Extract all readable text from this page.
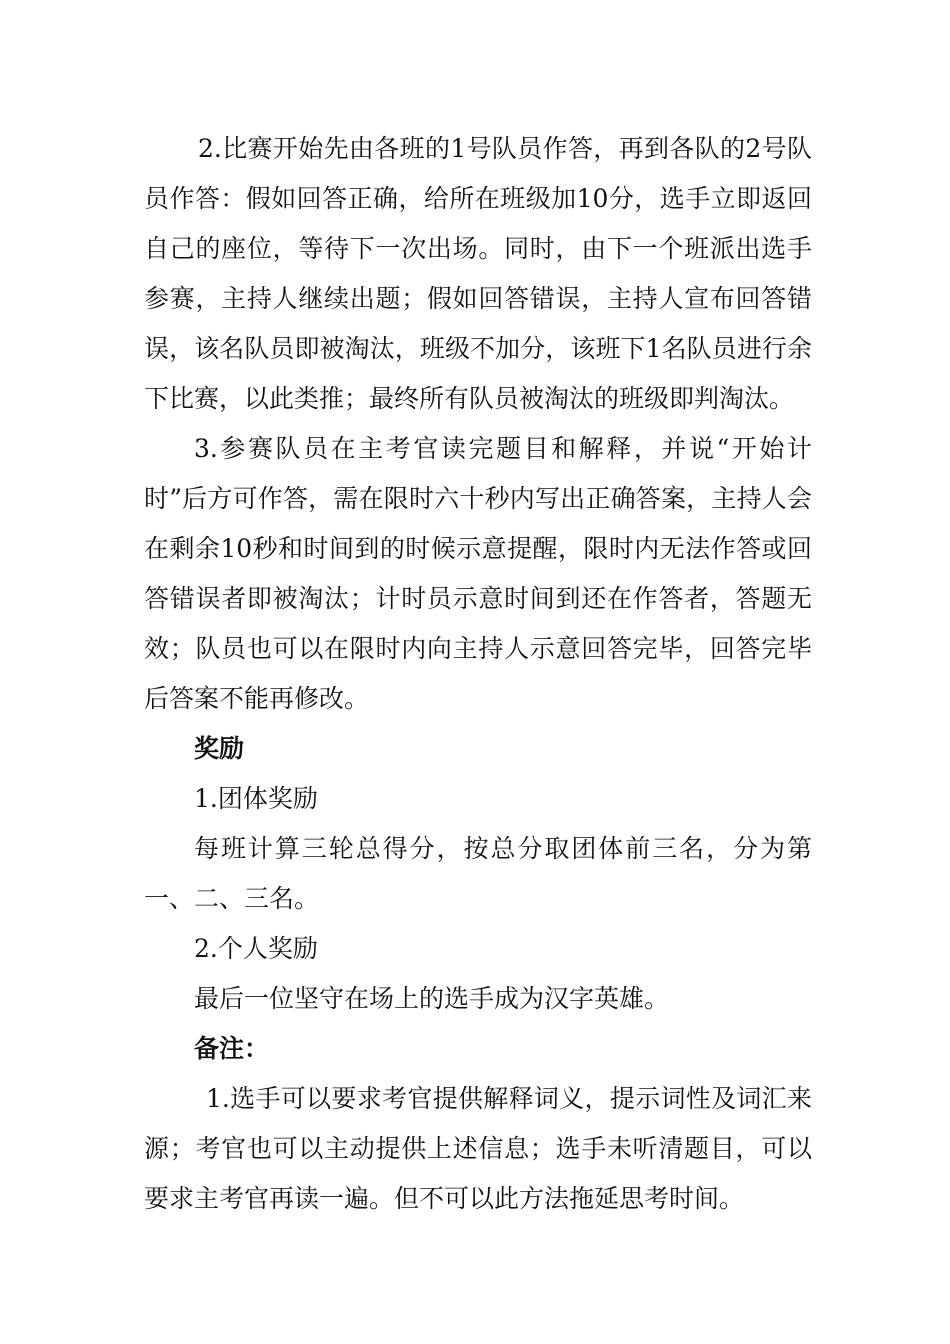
2.比赛开始先由各班的1号队员作答，再到各队的2号队员作答：假如回答正确，给所在班级加10分，选手立即返回自己的座位，等待下一次出场。同时，由下一个班派出选手参赛，主持人继续出题；假如回答错误，主持人宣布回答错误，该名队员即被淘汰，班级不加分，该班下1名队员进行余下比赛，以此类推；最终所有队员被淘汰的班级即判淘汰。

3.参赛队员在主考官读完题目和解释，并说“开始计时”后方可作答，需在限时六十秒内写出正确答案，主持人会在剩余10秒和时间到的时候示意提醒，限时内无法作答或回答错误者即被淘汰；计时员示意时间到还在作答者，答题无效；队员也可以在限时内向主持人示意回答完毕，回答完毕后答案不能再修改。

奖励

1.团体奖励

每班计算三轮总得分，按总分取团体前三名，分为第一、二、三名。

2.个人奖励

最后一位坚守在场上的选手成为汉字英雄。

备注：

1.选手可以要求考官提供解释词义，提示词性及词汇来源；考官也可以主动提供上述信息；选手未听清题目，可以要求主考官再读一遍。但不可以此方法拖延思考时间。
